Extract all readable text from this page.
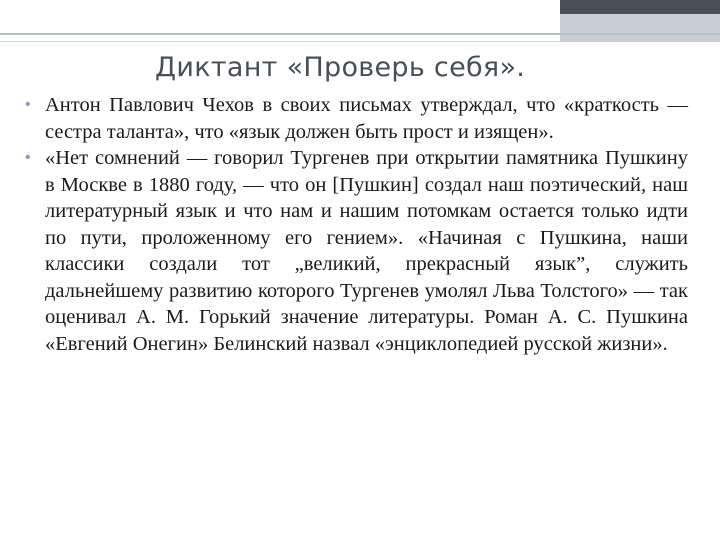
Диктант «Проверь себя».
• Антон Павлович Чехов в своих письмах утверждал, что «краткость — сестра таланта», что «язык должен быть прост и изящен».
• «Нет сомнений — говорил Тургенев при открытии памятника Пушкину в Москве в 1880 году, — что он [Пушкин] создал наш поэтический, наш литературный язык и что нам и нашим потомкам остается только идти по пути, проложенному его гением». «Начиная с Пушкина, наши классики создали тот „великий, прекрасный язык”, служить дальнейшему развитию которого Тургенев умолял Льва Толстого» — так оценивал А. М. Горький значение литературы. Роман А. С. Пушкина «Евгений Онегин» Белинский назвал «энциклопедией русской жизни».
